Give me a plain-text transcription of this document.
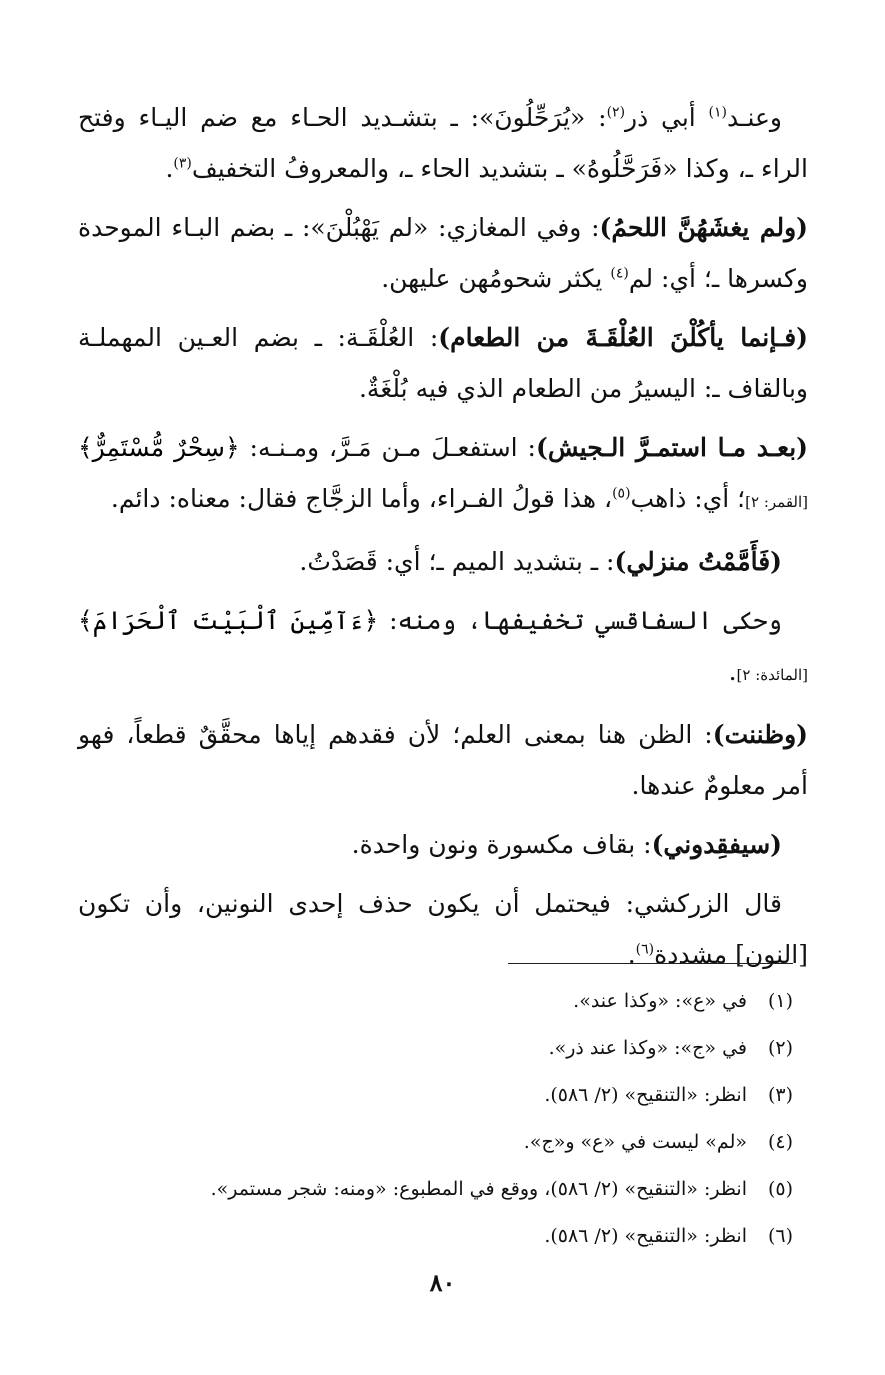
وعنـد$^{(١)}$ أبي ذر$^{(٢)}$: «يُرَحِّلُونَ»: ـ بتشـديد الحـاء مع ضم اليـاء وفتح الراء ـ، وكذا «فَرَحَّلُوهُ» ـ بتشديد الحاء ـ، والمعروفُ التخفيف$^{(٣)}$.

(ولم يغشَهُنَّ اللحمُ): وفي المغازي: «لم يَهْبُلْنَ»: ـ بضم البـاء الموحدة وكسرها ـ؛ أي: لم$^{(٤)}$ يكثر شحومُهن عليهن.

(فـإنما يأكُلْنَ العُلْقَـةَ من الطعام): العُلْقَـة: ـ بضم العـين المهملـة وبالقاف ـ: اليسيرُ من الطعام الذي فيه بُلْغَةٌ.

(بعـد مـا استمـرَّ الـجيش): استفعـلَ مـن مَـرَّ، ومـنـه: ﴿سِحْرٌ مُّسْتَمِرٌّ﴾[القمر: ٢]؛ أي: ذاهب$^{(٥)}$، هذا قولُ الفـراء، وأما الزجَّاج فقال: معناه: دائم.

(فَأَمَّمْتُ منزلي): ـ بتشديد الميم ـ؛ أي: قَصَدْتُ.

وحكى السفاقسي تخفيفها، ومنه: ﴿ءَآمِّينَ ٱلْبَيْتَ ٱلْحَرَامَ﴾[المائدة: ٢].

(وظننت): الظن هنا بمعنى العلم؛ لأن فقدهم إياها محقَّقٌ قطعاً، فهو أمر معلومٌ عندها.

(سيفقِدوني): بقاف مكسورة ونون واحدة.

قال الزركشي: فيحتمل أن يكون حذف إحدى النونين، وأن تكون [النون] مشددة$^{(٦)}$.

(١)في «ع»: «وكذا عند».
(٢)في «ج»: «وكذا عند ذر».
(٣)انظر: «التنقيح» (٢/ ٥٨٦).
(٤)«لم» ليست في «ع» و«ج».
(٥)انظر: «التنقيح» (٢/ ٥٨٦)، ووقع في المطبوع: «ومنه: شجر مستمر».
(٦)انظر: «التنقيح» (٢/ ٥٨٦).
٨٠
